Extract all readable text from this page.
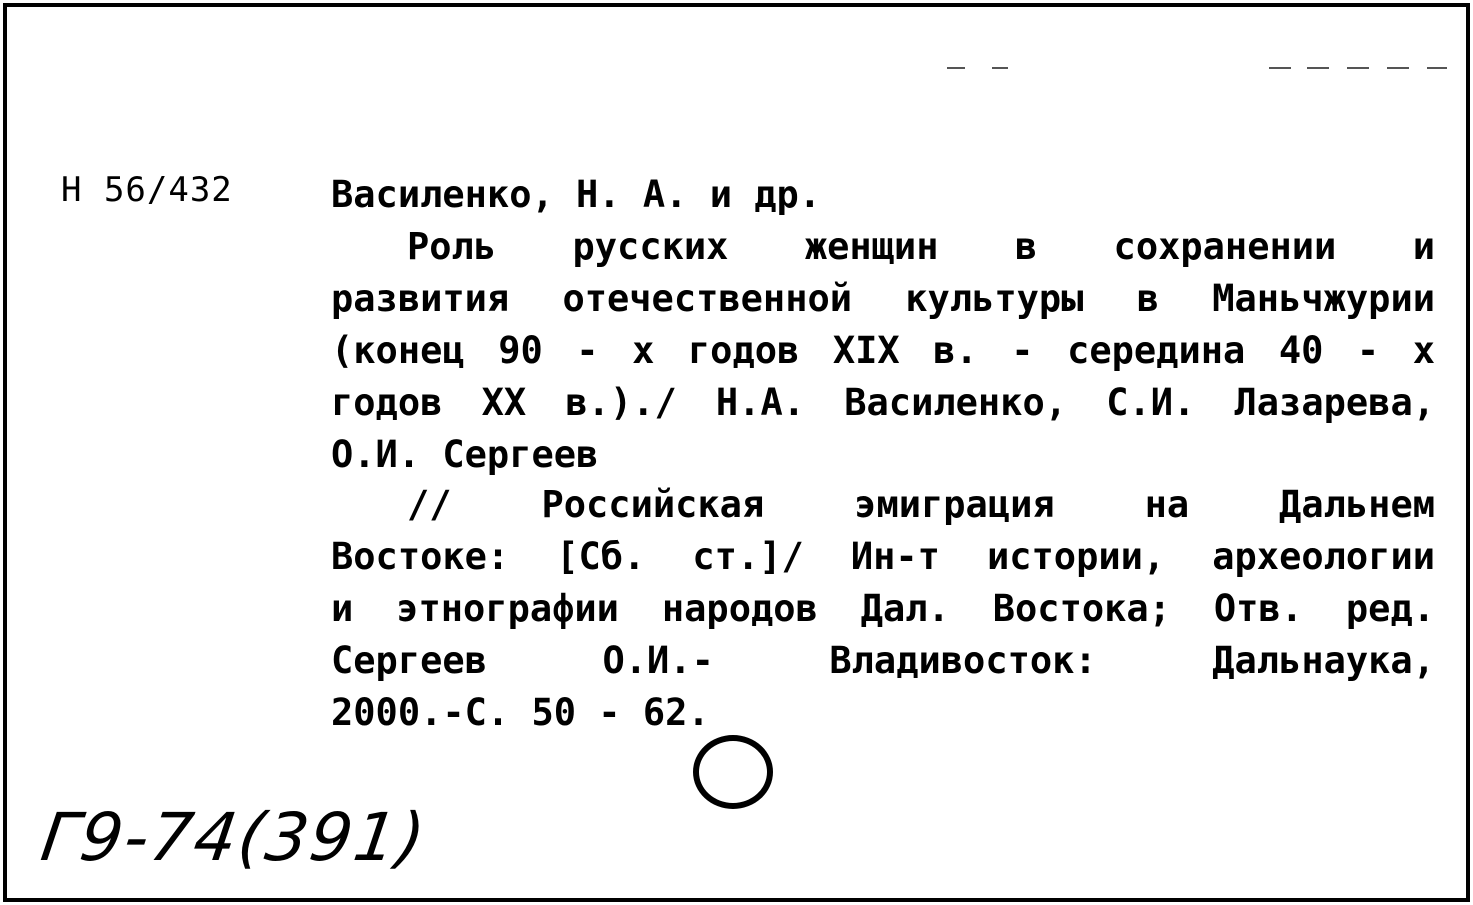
Н 56/432	Василенко, Н. А. и др.
Роль русских женщин в сохранении и
развития отечественной культуры в Маньчжурии
(конец 90 - х годов XIX в. - середина 40 - х
годов XX в.)./ Н.А. Василенко, С.И. Лазарева,
О.И. Сергеев
// Российская эмиграция на Дальнем
Востоке: [Сб. ст.]/ Ин-т истории, археологии
и этнографии народов Дал. Востока; Отв. ред.
Сергеев О.И.- Владивосток: Дальнаука,
2000.-С. 50 - 62.
Г9-74(391)
